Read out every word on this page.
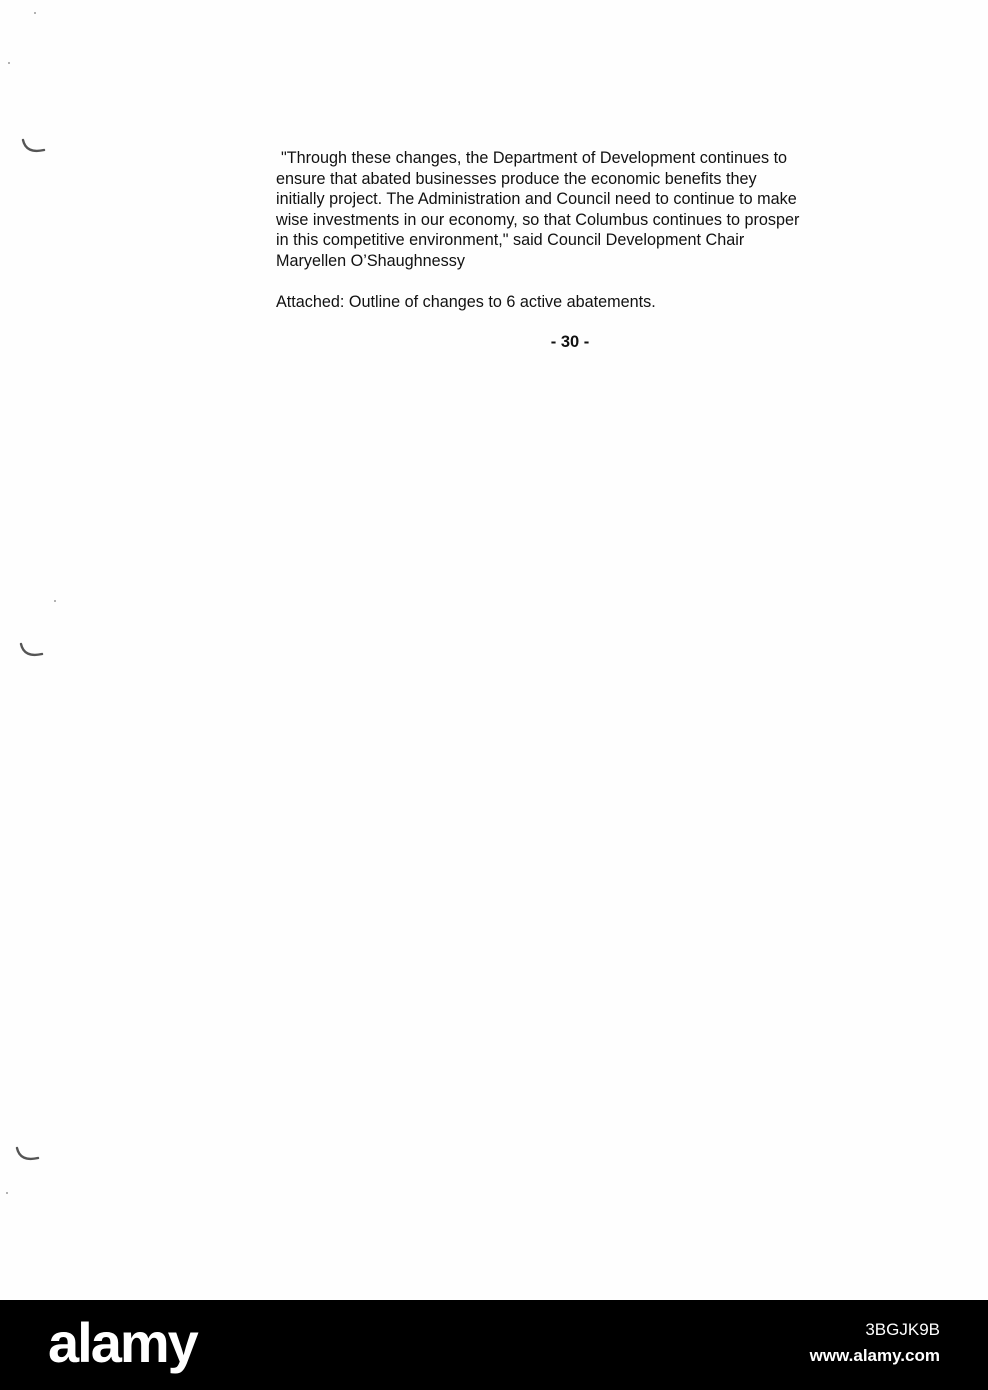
"Through these changes, the Department of Development continues to
ensure that abated businesses produce the economic benefits they
initially project. The Administration and Council need to continue to make
wise investments in our economy, so that Columbus continues to prosper
in this competitive environment," said Council Development Chair
Maryellen O’Shaughnessy
Attached: Outline of changes to 6 active abatements.
- 30 -
alamy	3BGJK9B
www.alamy.com
